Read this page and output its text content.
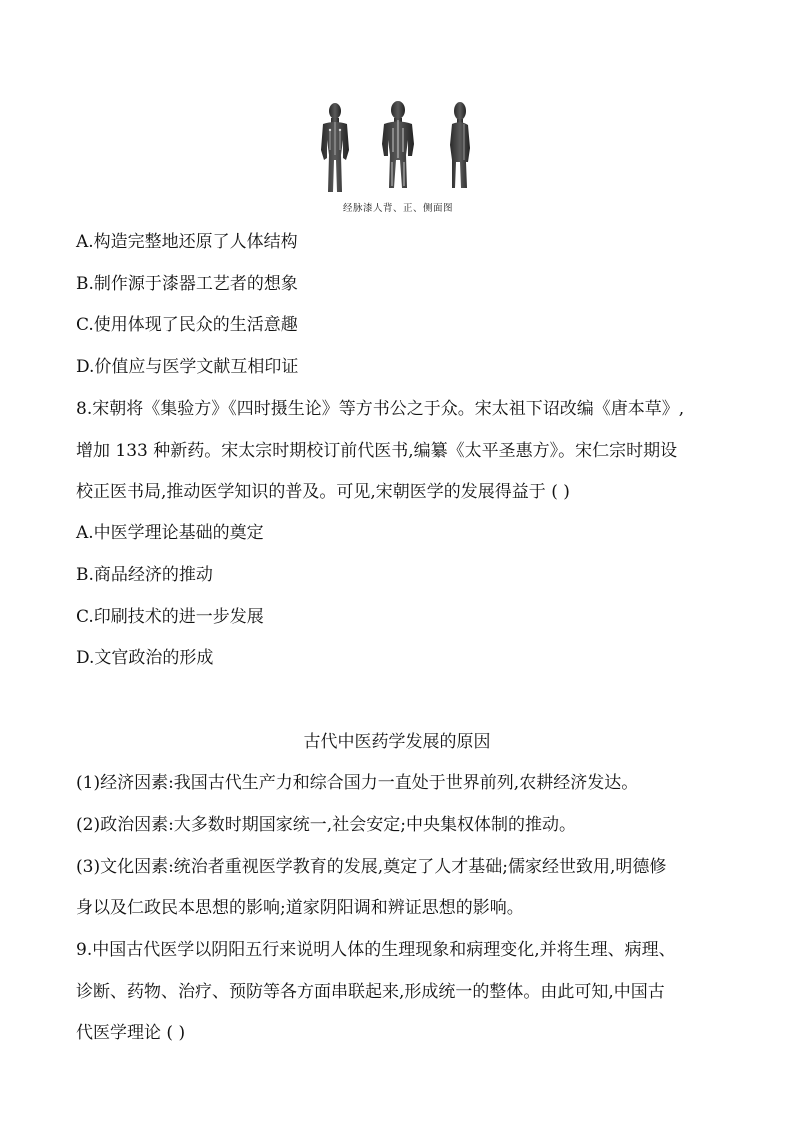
经脉漆人背、正、侧面图
A.构造完整地还原了人体结构
B.制作源于漆器工艺者的想象
C.使用体现了民众的生活意趣
D.价值应与医学文献互相印证
8.宋朝将《集验方》《四时摄生论》等方书公之于众。宋太祖下诏改编《唐本草》,
增加 133 种新药。宋太宗时期校订前代医书,编纂《太平圣惠方》。宋仁宗时期设
校正医书局,推动医学知识的普及。可见,宋朝医学的发展得益于 ( )
A.中医学理论基础的奠定
B.商品经济的推动
C.印刷技术的进一步发展
D.文官政治的形成
古代中医药学发展的原因
(1)经济因素:我国古代生产力和综合国力一直处于世界前列,农耕经济发达。
(2)政治因素:大多数时期国家统一,社会安定;中央集权体制的推动。
(3)文化因素:统治者重视医学教育的发展,奠定了人才基础;儒家经世致用,明德修
身以及仁政民本思想的影响;道家阴阳调和辨证思想的影响。
9.中国古代医学以阴阳五行来说明人体的生理现象和病理变化,并将生理、病理、
诊断、药物、治疗、预防等各方面串联起来,形成统一的整体。由此可知,中国古
代医学理论 ( )
